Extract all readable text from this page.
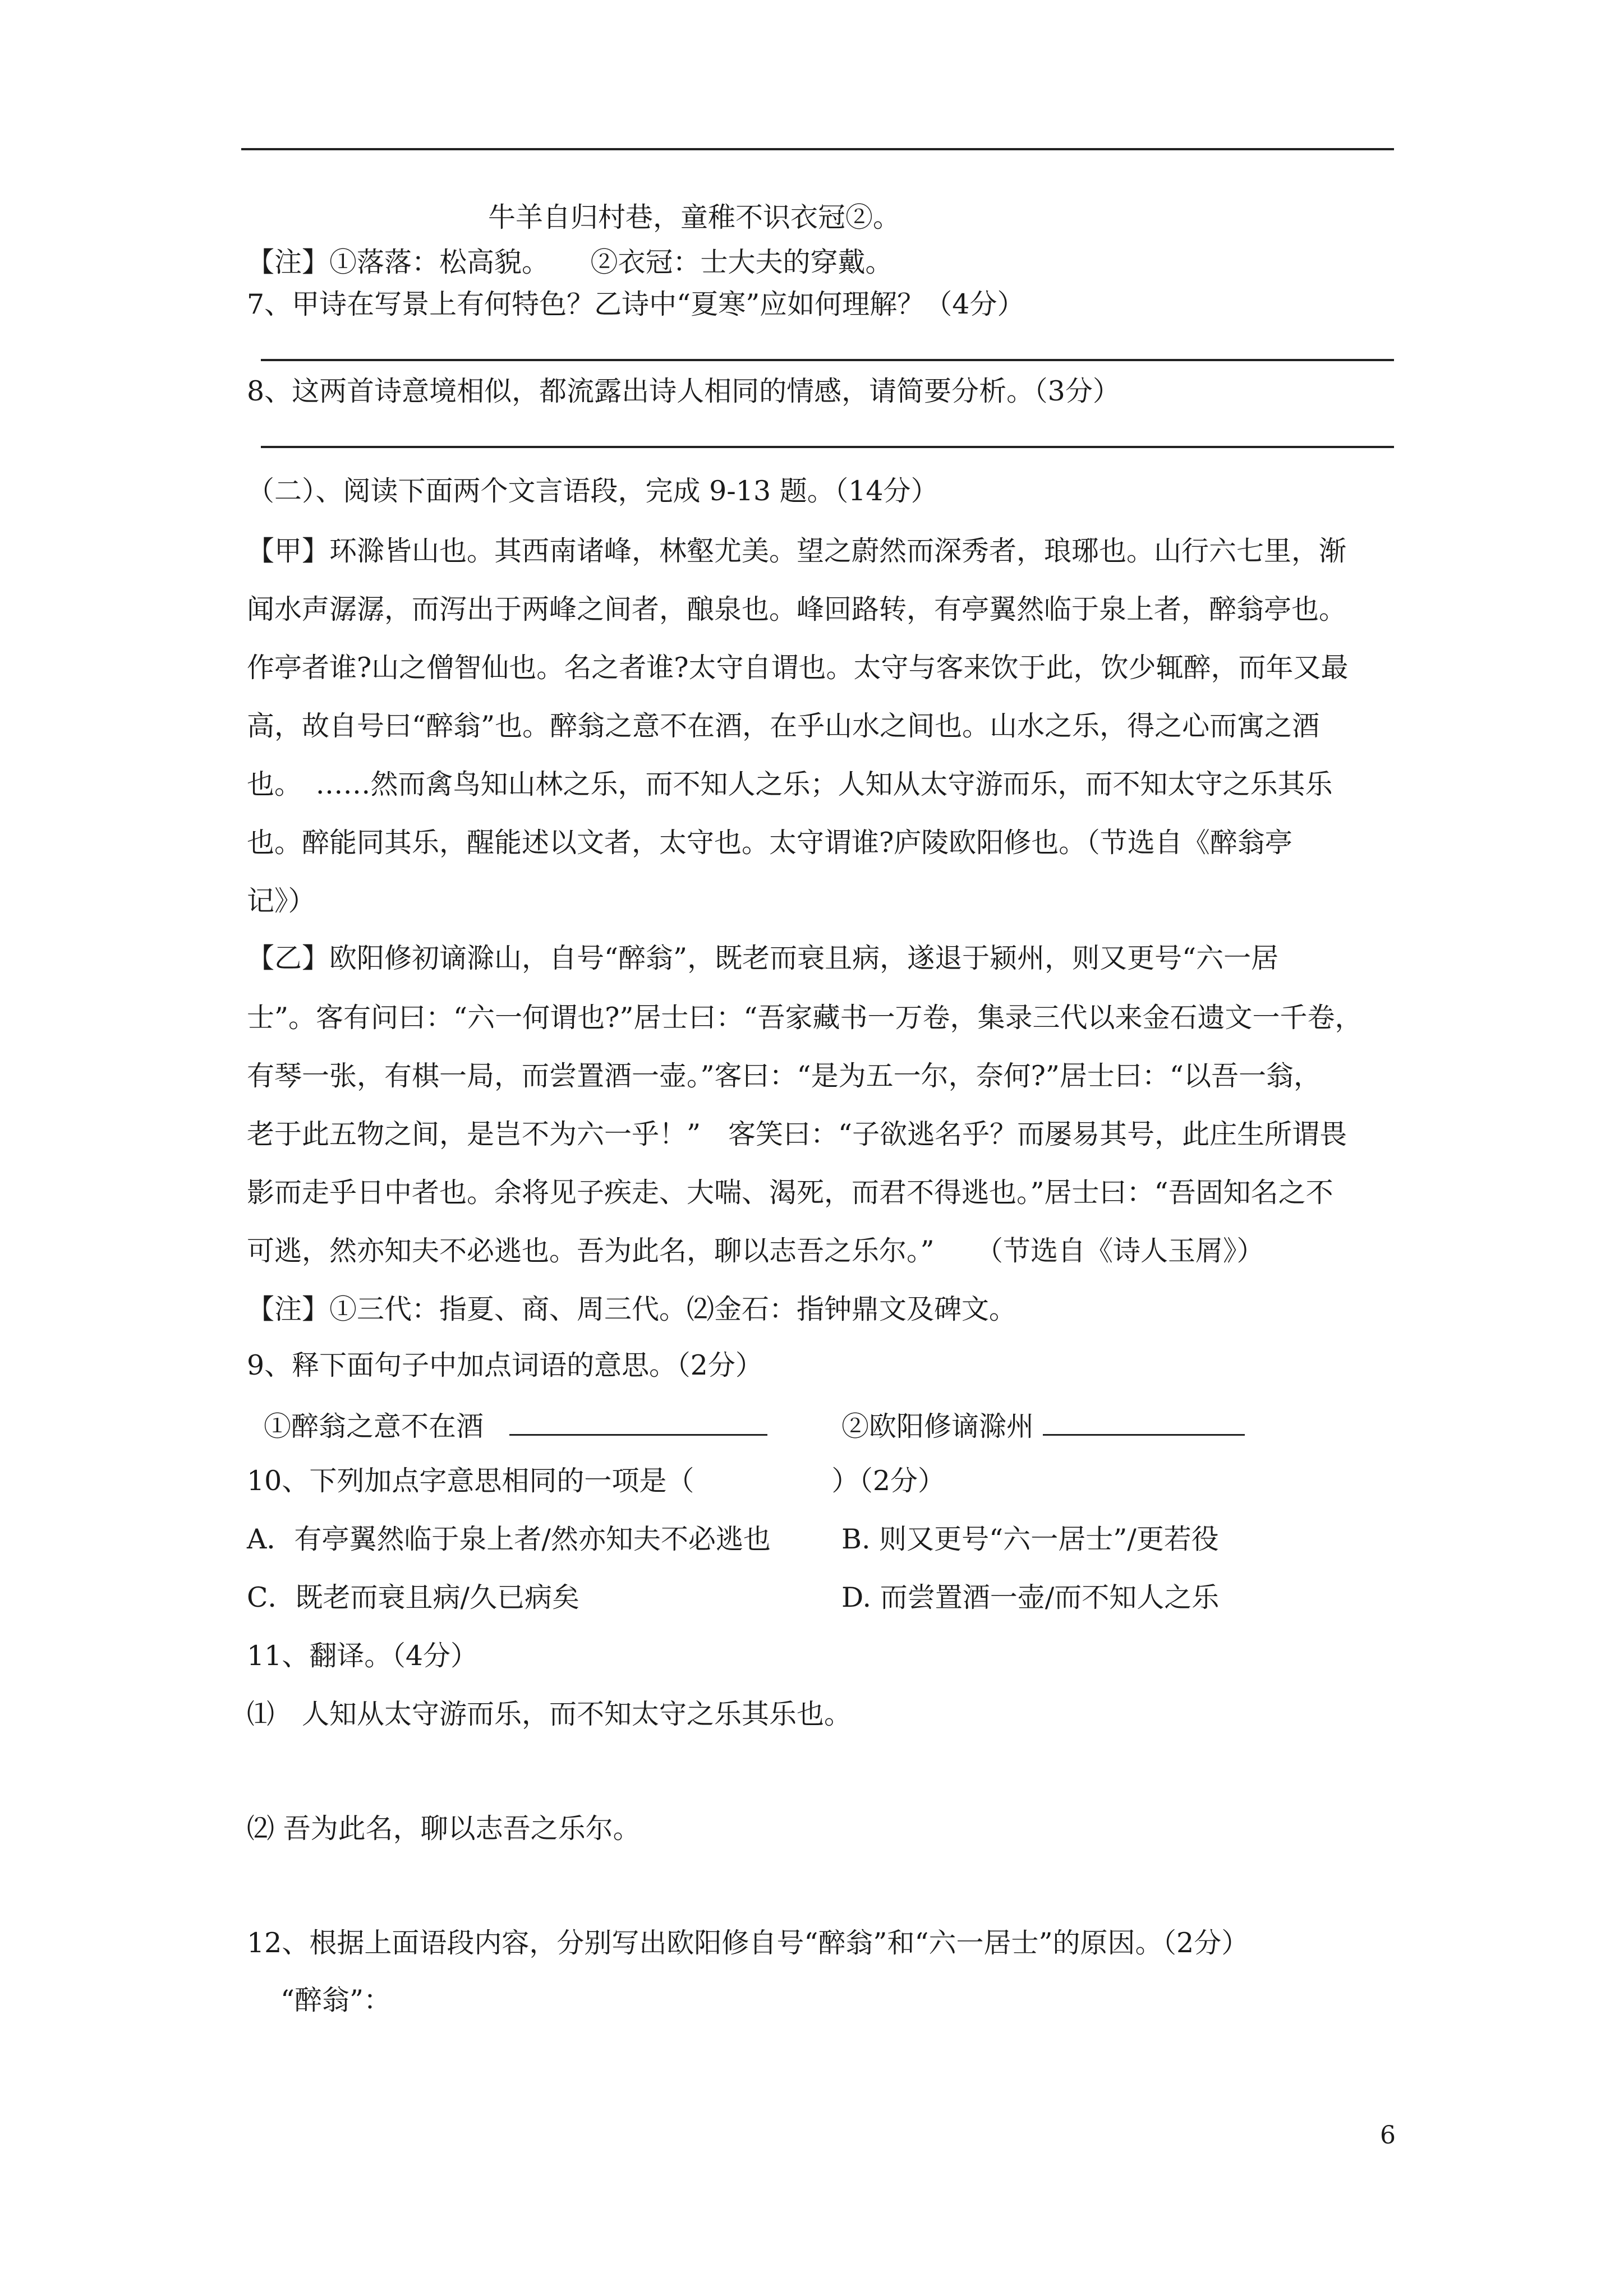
牛羊自归村巷，童稚不识衣冠②。
【注】①落落：松高貌。　　②衣冠：士大夫的穿戴。
7、甲诗在写景上有何特色？乙诗中“夏寒”应如何理解？（4分）
8、这两首诗意境相似，都流露出诗人相同的情感，请简要分析。（3分）
（二）、阅读下面两个文言语段，完成 9-13 题。（14分）
【甲】环滁皆山也。其西南诸峰，林壑尤美。望之蔚然而深秀者，琅琊也。山行六七里，渐
闻水声潺潺，而泻出于两峰之间者，酿泉也。峰回路转，有亭翼然临于泉上者，醉翁亭也。
作亭者谁?山之僧智仙也。名之者谁?太守自谓也。太守与客来饮于此，饮少辄醉，而年又最
高，故自号曰“醉翁”也。醉翁之意不在酒，在乎山水之间也。山水之乐，得之心而寓之酒
也。　……然而禽鸟知山林之乐，而不知人之乐；人知从太守游而乐，而不知太守之乐其乐
也。醉能同其乐，醒能述以文者，太守也。太守谓谁?庐陵欧阳修也。（节选自《醉翁亭
记》）
【乙】欧阳修初谪滁山，自号“醉翁”，既老而衰且病，遂退于颍州，则又更号“六一居
士”。客有问曰：“六一何谓也?”居士曰：“吾家藏书一万卷，集录三代以来金石遗文一千卷，
有琴一张，有棋一局，而尝置酒一壶。”客曰：“是为五一尔，奈何?”居士曰：“以吾一翁，
老于此五物之间，是岂不为六一乎！”　客笑曰：“子欲逃名乎？而屡易其号，此庄生所谓畏
影而走乎日中者也。余将见子疾走、大喘、渴死，而君不得逃也。”居士曰：“吾固知名之不
可逃，然亦知夫不必逃也。吾为此名，聊以志吾之乐尔。”　　（节选自《诗人玉屑》）
【注】①三代：指夏、商、周三代。⑵金石：指钟鼎文及碑文。
9、释下面句子中加点词语的意思。（2分）
①醉翁之意不在酒	②欧阳修谪滁州
10、下列加点字意思相同的一项是（　　　　　）（2分）
A．有亭翼然临于泉上者/然亦知夫不必逃也	B. 则又更号“六一居士”/更若役
C．既老而衰且病/久已病矣	D. 而尝置酒一壶/而不知人之乐
11、翻译。（4分）
⑴　人知从太守游而乐，而不知太守之乐其乐也。
⑵ 吾为此名，聊以志吾之乐尔。
12、根据上面语段内容，分别写出欧阳修自号“醉翁”和“六一居士”的原因。（2分）
“醉翁”：
6
